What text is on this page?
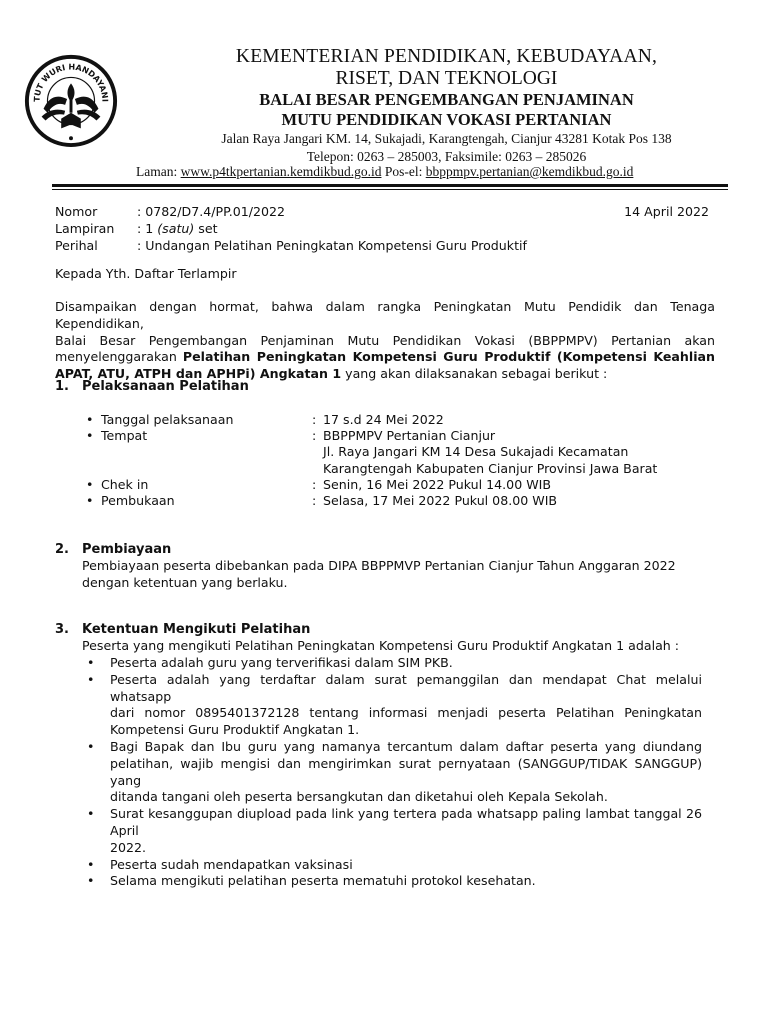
TUT WURI HANDAYANI
KEMENTERIAN PENDIDIKAN, KEBUDAYAAN,
RISET, DAN TEKNOLOGI
BALAI BESAR PENGEMBANGAN PENJAMINAN
MUTU PENDIDIKAN VOKASI PERTANIAN
Jalan Raya Jangari KM. 14, Sukajadi, Karangtengah, Cianjur 43281 Kotak Pos 138
Telepon: 0263 – 285003, Faksimile: 0263 – 285026
Laman: www.p4tkpertanian.kemdikbud.go.id Pos-el: bbppmpv.pertanian@kemdikbud.go.id
Nomor	: 0782/D7.4/PP.01/2022	14 April 2022
Lampiran : 1 (satu) set
Perihal	: Undangan Pelatihan Peningkatan Kompetensi Guru Produktif
Kepada Yth. Daftar Terlampir
Disampaikan dengan hormat, bahwa dalam rangka Peningkatan Mutu Pendidik dan Tenaga Kependidikan,
Balai Besar Pengembangan Penjaminan Mutu Pendidikan Vokasi (BBPPMPV) Pertanian akan
menyelenggarakan Pelatihan Peningkatan Kompetensi Guru Produktif (Kompetensi Keahlian
APAT, ATU, ATPH dan APHPi) Angkatan 1 yang akan dilaksanakan sebagai berikut :
1. Pelaksanaan Pelatihan
• Tanggal pelaksanaan	: 17 s.d 24 Mei 2022
• Tempat	: BBPPMPV Pertanian Cianjur
Jl. Raya Jangari KM 14 Desa Sukajadi Kecamatan
Karangtengah Kabupaten Cianjur Provinsi Jawa Barat
• Chek in	: Senin, 16 Mei 2022 Pukul 14.00 WIB
• Pembukaan	: Selasa, 17 Mei 2022 Pukul 08.00 WIB
2. Pembiayaan
Pembiayaan peserta dibebankan pada DIPA BBPPMVP Pertanian Cianjur Tahun Anggaran 2022
dengan ketentuan yang berlaku.
3. Ketentuan Mengikuti Pelatihan
Peserta yang mengikuti Pelatihan Peningkatan Kompetensi Guru Produktif Angkatan 1 adalah :
• Peserta adalah guru yang terverifikasi dalam SIM PKB.
• Peserta adalah yang terdaftar dalam surat pemanggilan dan mendapat Chat melalui whatsapp
dari nomor 0895401372128 tentang informasi menjadi peserta Pelatihan Peningkatan
Kompetensi Guru Produktif Angkatan 1.
• Bagi Bapak dan Ibu guru yang namanya tercantum dalam daftar peserta yang diundang
pelatihan, wajib mengisi dan mengirimkan surat pernyataan (SANGGUP/TIDAK SANGGUP) yang
ditanda tangani oleh peserta bersangkutan dan diketahui oleh Kepala Sekolah.
• Surat kesanggupan diupload pada link yang tertera pada whatsapp paling lambat tanggal 26 April
2022.
• Peserta sudah mendapatkan vaksinasi
• Selama mengikuti pelatihan peserta mematuhi protokol kesehatan.
